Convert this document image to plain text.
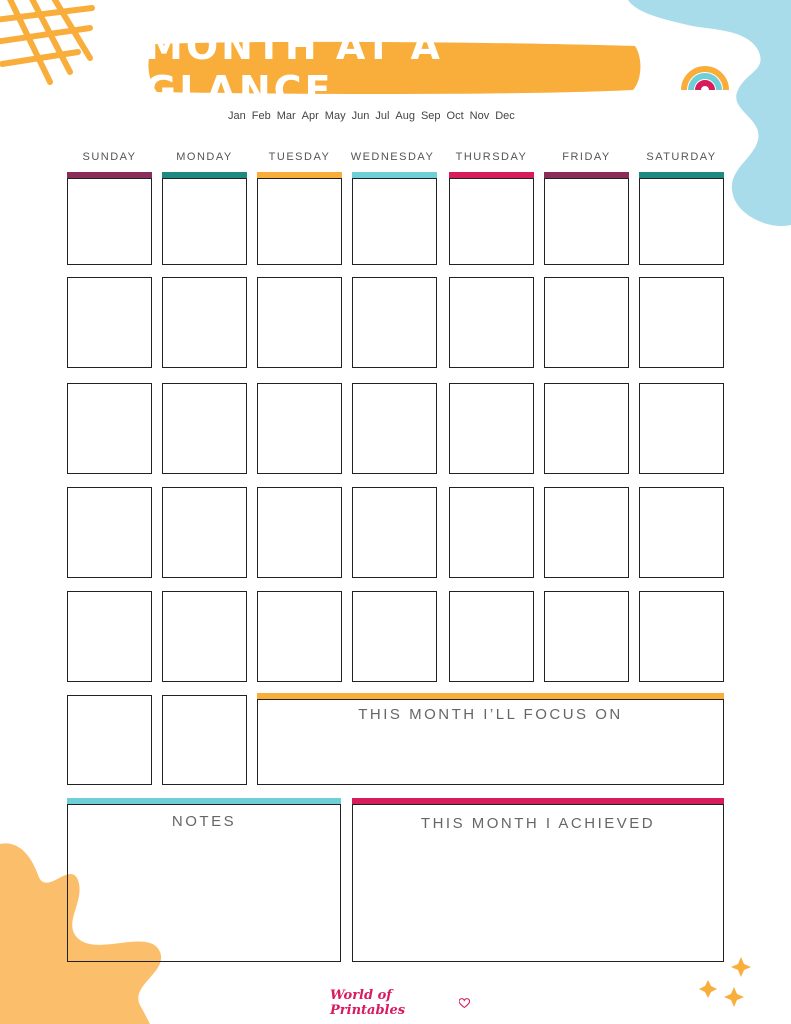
MONTH AT A GLANCE
Jan Feb Mar Apr May Jun Jul Aug Sep Oct Nov Dec
SUNDAY	MONDAY	TUESDAY	WEDNESDAY	THURSDAY	FRIDAY	SATURDAY
THIS MONTH I’LL FOCUS ON
NOTES	THIS MONTH I ACHIEVED
World of Printables
